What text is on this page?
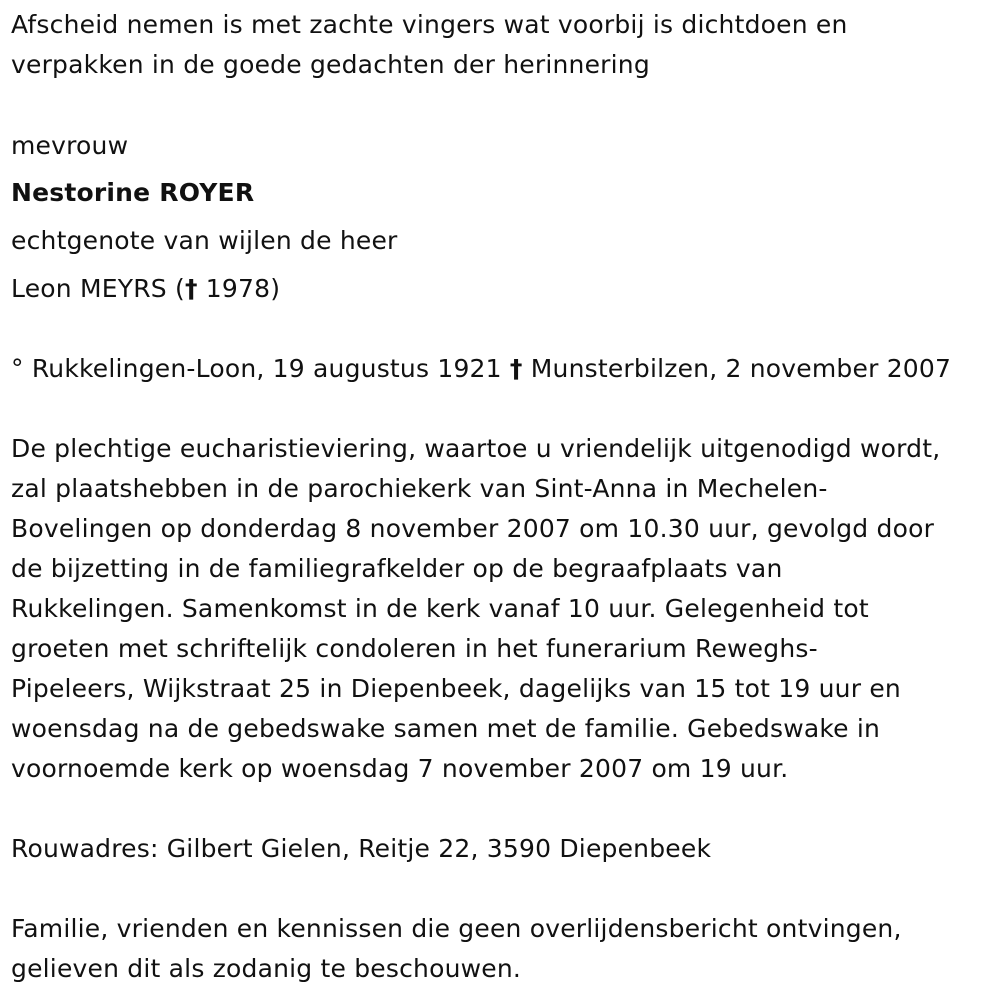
Afscheid nemen is met zachte vingers wat voorbij is dichtdoen en
verpakken in de goede gedachten der herinnering
mevrouw
Nestorine ROYER
echtgenote van wijlen de heer
Leon MEYRS († 1978)
° Rukkelingen-Loon, 19 augustus 1921 † Munsterbilzen, 2 november 2007
De plechtige eucharistieviering, waartoe u vriendelijk uitgenodigd wordt,
zal plaatshebben in de parochiekerk van Sint-Anna in Mechelen-
Bovelingen op donderdag 8 november 2007 om 10.30 uur, gevolgd door
de bijzetting in de familiegrafkelder op de begraafplaats van
Rukkelingen. Samenkomst in de kerk vanaf 10 uur. Gelegenheid tot
groeten met schriftelijk condoleren in het funerarium Reweghs-
Pipeleers, Wijkstraat 25 in Diepenbeek, dagelijks van 15 tot 19 uur en
woensdag na de gebedswake samen met de familie. Gebedswake in
voornoemde kerk op woensdag 7 november 2007 om 19 uur.
Rouwadres: Gilbert Gielen, Reitje 22, 3590 Diepenbeek
Familie, vrienden en kennissen die geen overlijdensbericht ontvingen,
gelieven dit als zodanig te beschouwen.
